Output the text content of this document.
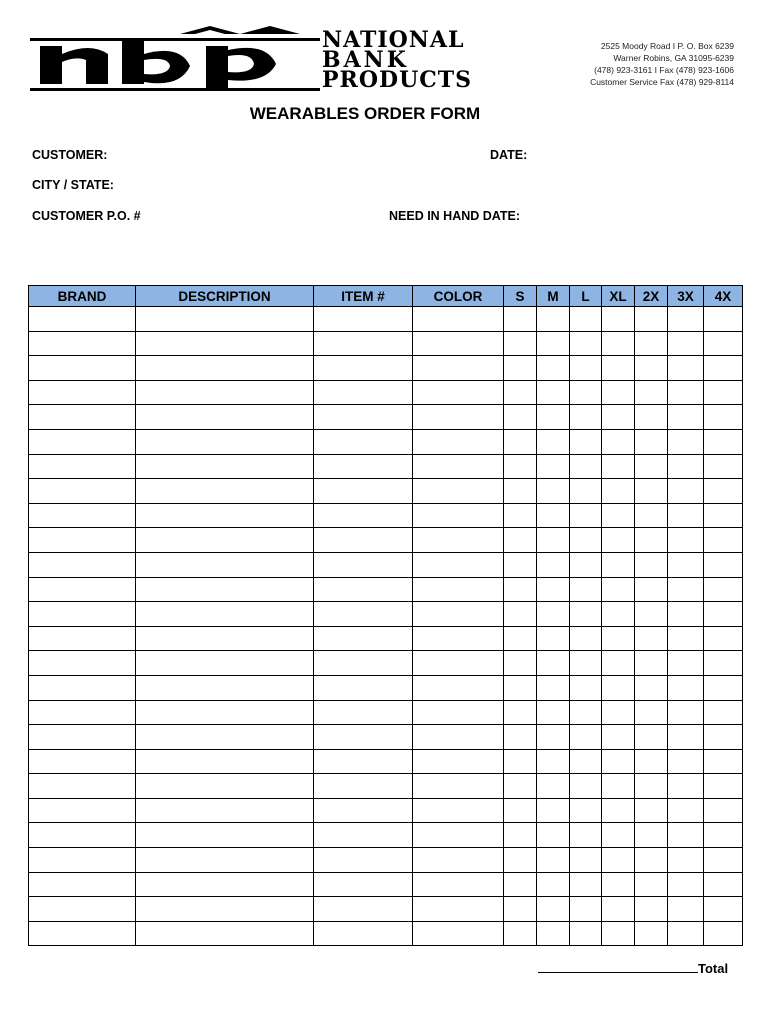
NATIONAL
BANK
PRODUCTS
2525 Moody Road I P. O. Box 6239
Warner Robins, GA 31095-6239
(478) 923-3161 I Fax (478) 923-1606
Customer Service Fax (478) 929-8114
WEARABLES ORDER FORM
CUSTOMER:	DATE:
CITY / STATE:
CUSTOMER P.O. #	NEED IN HAND DATE:
BRAND	DESCRIPTION	ITEM #	COLOR	S	M	L	XL	2X	3X	4X

Total
